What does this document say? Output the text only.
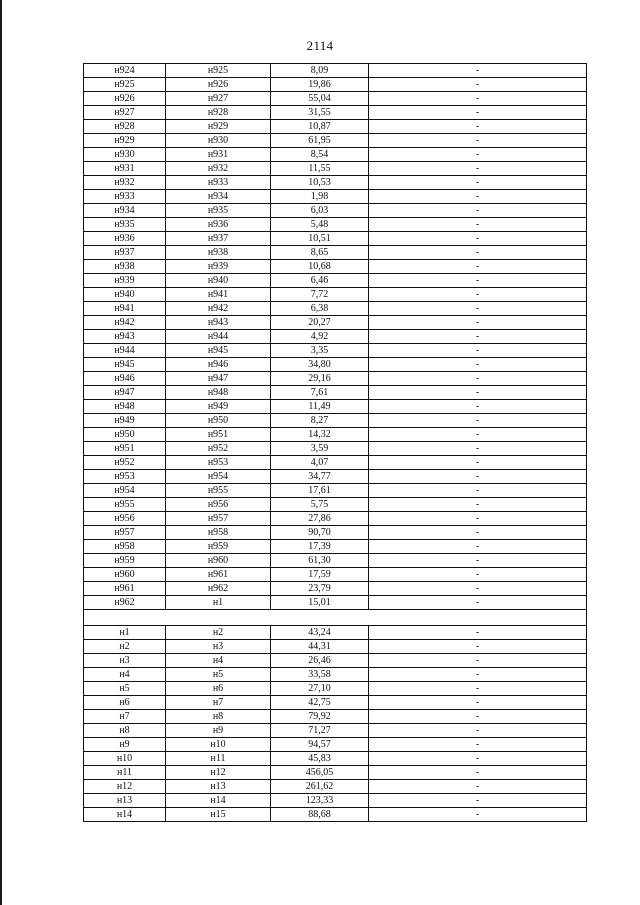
2114
н924	н925	8,09	-
н925	н926	19,86	-
н926	н927	55,04	-
н927	н928	31,55	-
н928	н929	10,87	-
н929	н930	61,95	-
н930	н931	8,54	-
н931	н932	11,55	-
н932	н933	10,53	-
н933	н934	1,98	-
н934	н935	6,03	-
н935	н936	5,48	-
н936	н937	10,51	-
н937	н938	8,65	-
н938	н939	10,68	-
н939	н940	6,46	-
н940	н941	7,72	-
н941	н942	6,38	-
н942	н943	20,27	-
н943	н944	4,92	-
н944	н945	3,35	-
н945	н946	34,80	-
н946	н947	29,16	-
н947	н948	7,61	-
н948	н949	11,49	-
н949	н950	8,27	-
н950	н951	14,32	-
н951	н952	3,59	-
н952	н953	4,07	-
н953	н954	34,77	-
н954	н955	17,61	-
н955	н956	5,75	-
н956	н957	27,86	-
н957	н958	90,70	-
н958	н959	17,39	-
н959	н960	61,30	-
н960	н961	17,59	-
н961	н962	23,79	-
н962	н1	15,01	-

н1	н2	43,24	-
н2	н3	44,31	-
н3	н4	26,46	-
н4	н5	33,58	-
н5	н6	27,10	-
н6	н7	42,75	-
н7	н8	79,92	-
н8	н9	71,27	-
н9	н10	94,57	-
н10	н11	45,83	-
н11	н12	456,05	-
н12	н13	261,62	-
н13	н14	123,33	-
н14	н15	88,68	-
